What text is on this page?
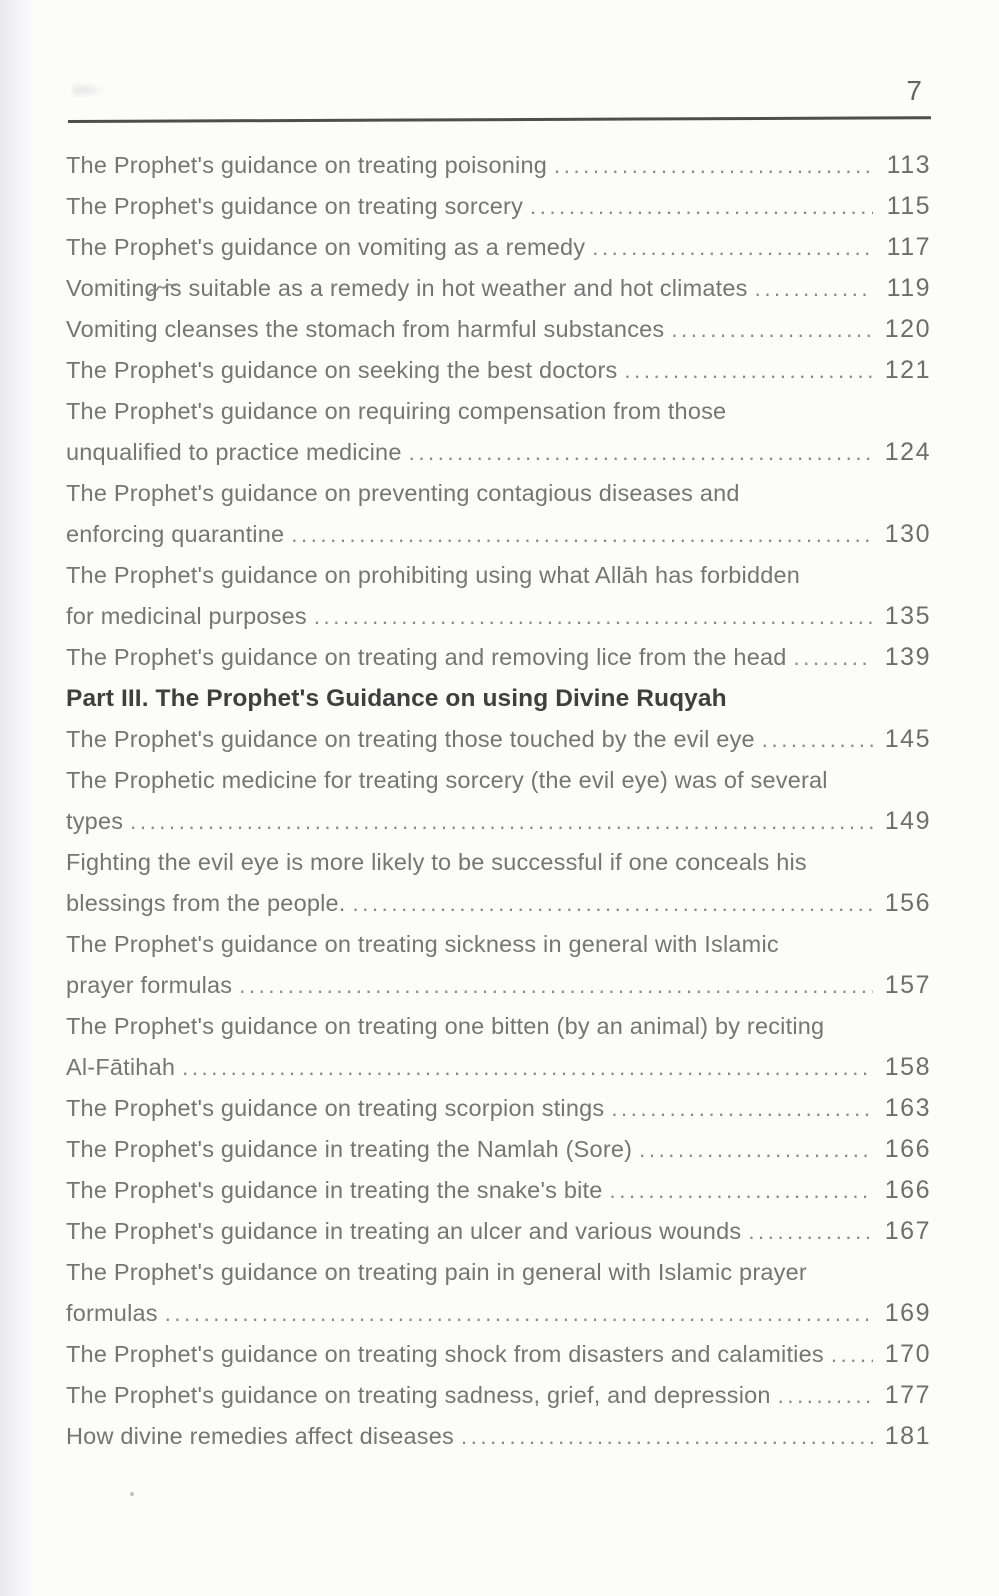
7
The Prophet's guidance on treating poisoning .....	113
The Prophet's guidance on treating sorcery .....	115
The Prophet's guidance on vomiting as a remedy .....	117
Vomiting is suitable as a remedy in hot weather and hot climates .....	119
Vomiting cleanses the stomach from harmful substances .....	120
The Prophet's guidance on seeking the best doctors .....	121
The Prophet's guidance on requiring compensation from those
unqualified to practice medicine .....	124
The Prophet's guidance on preventing contagious diseases and
enforcing quarantine .....	130
The Prophet's guidance on prohibiting using what Allāh has forbidden
for medicinal purposes .....	135
The Prophet's guidance on treating and removing lice from the head .....	139
Part III. The Prophet's Guidance on using Divine Ruqyah
The Prophet's guidance on treating those touched by the evil eye .....	145
The Prophetic medicine for treating sorcery (the evil eye) was of several
types .....	149
Fighting the evil eye is more likely to be successful if one conceals his
blessings from the people. .....	156
The Prophet's guidance on treating sickness in general with Islamic
prayer formulas .....	157
The Prophet's guidance on treating one bitten (by an animal) by reciting
Al-Fātihah .....	158
The Prophet's guidance on treating scorpion stings .....	163
The Prophet's guidance in treating the Namlah (Sore) .....	166
The Prophet's guidance in treating the snake's bite .....	166
The Prophet's guidance in treating an ulcer and various wounds .....	167
The Prophet's guidance on treating pain in general with Islamic prayer
formulas .....	169
The Prophet's guidance on treating shock from disasters and calamities ..... 170
The Prophet's guidance on treating sadness, grief, and depression .....	177
How divine remedies affect diseases .....	181
